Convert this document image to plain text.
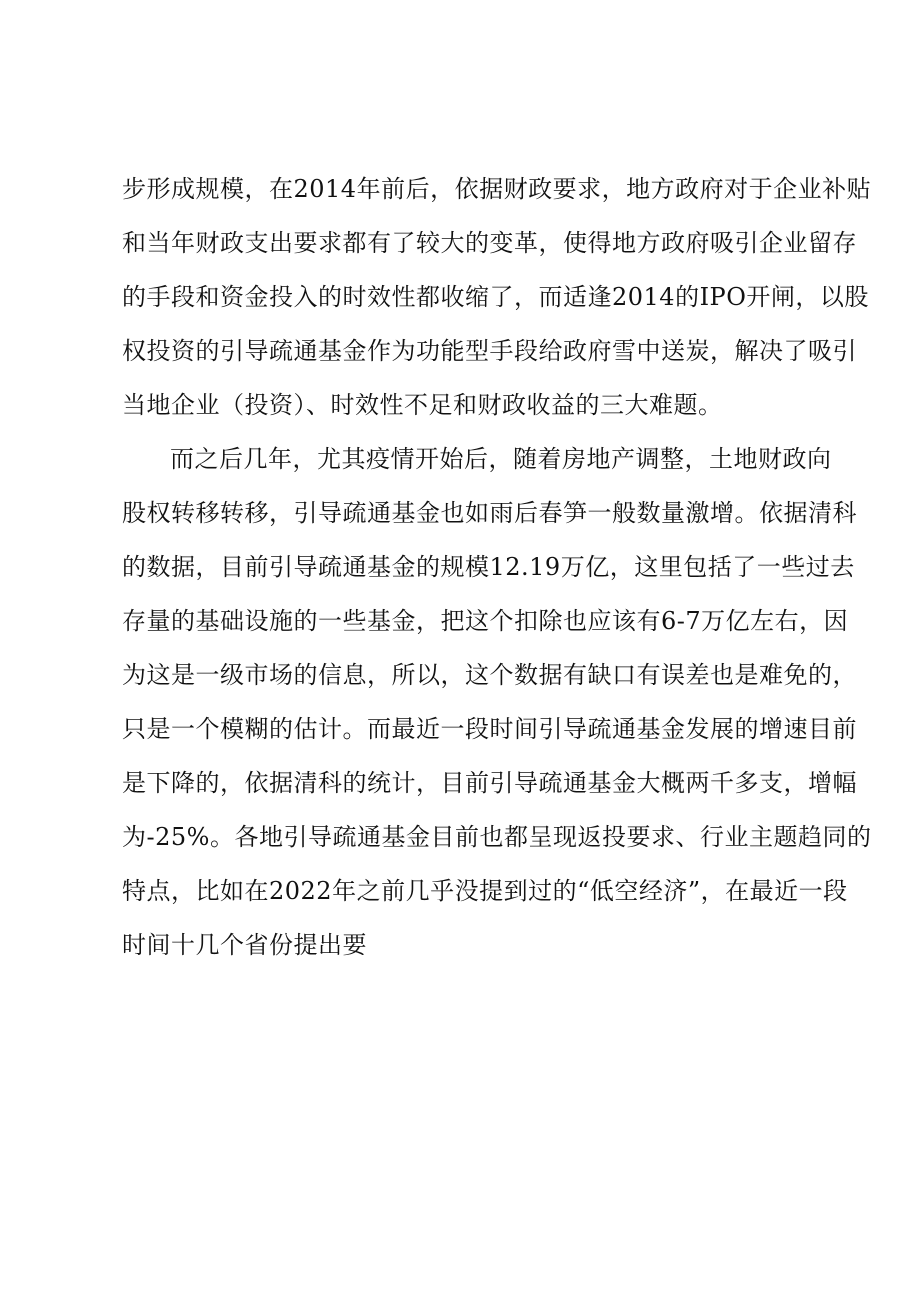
步形成规模，在2014年前后，依据财政要求，地方政府对于企业补贴
和当年财政支出要求都有了较大的变革，使得地方政府吸引企业留存
的手段和资金投入的时效性都收缩了，而适逢2014的IPO开闸，以股
权投资的引导疏通基金作为功能型手段给政府雪中送炭，解决了吸引
当地企业（投资）、时效性不足和财政收益的三大难题。
而之后几年，尤其疫情开始后，随着房地产调整，土地财政向
股权转移转移，引导疏通基金也如雨后春笋一般数量激增。依据清科
的数据，目前引导疏通基金的规模12.19万亿，这里包括了一些过去
存量的基础设施的一些基金，把这个扣除也应该有6-7万亿左右，因
为这是一级市场的信息，所以，这个数据有缺口有误差也是难免的，
只是一个模糊的估计。而最近一段时间引导疏通基金发展的增速目前
是下降的，依据清科的统计，目前引导疏通基金大概两千多支，增幅
为-25%。各地引导疏通基金目前也都呈现返投要求、行业主题趋同的
特点，比如在2022年之前几乎没提到过的“低空经济”，在最近一段
时间十几个省份提出要
